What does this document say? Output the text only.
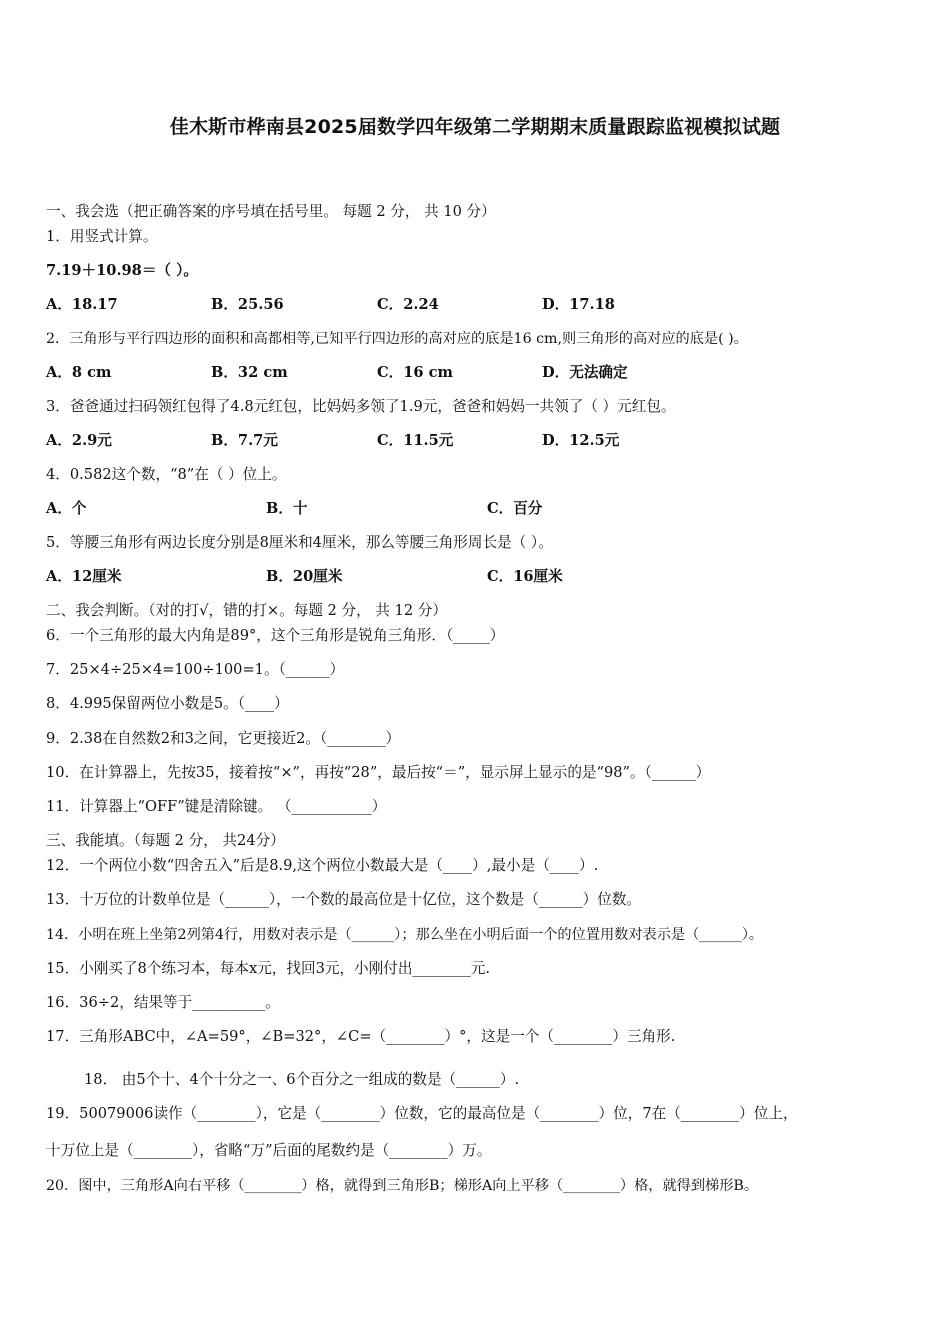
佳木斯市桦南县2025届数学四年级第二学期期末质量跟踪监视模拟试题
一、我会选（把正确答案的序号填在括号里。 每题 2 分， 共 10 分）
1．用竖式计算。
7.19＋10.98＝（ ）。
A．18.17	B．25.56	C．2.24	D．17.18
2．三角形与平行四边形的面积和高都相等,已知平行四边形的高对应的底是16 cm,则三角形的高对应的底是( )。
A．8 cm	B．32 cm	C．16 cm	D．无法确定
3．爸爸通过扫码领红包得了4.8元红包，比妈妈多领了1.9元，爸爸和妈妈一共领了（ ）元红包。
A．2.9元	B．7.7元	C．11.5元	D．12.5元
4．0.582这个数，“8”在（ ）位上。
A．个	B．十	C．百分
5．等腰三角形有两边长度分别是8厘米和4厘米，那么等腰三角形周长是（ ）。
A．12厘米	B．20厘米	C．16厘米
二、我会判断。（对的打√，错的打×。每题 2 分， 共 12 分）
6．一个三角形的最大内角是89°，这个三角形是锐角三角形．（_____）
7．25×4÷25×4=100÷100=1。（______）
8．4.995保留两位小数是5。（____）
9．2.38在自然数2和3之间，它更接近2。（________）
10．在计算器上，先按35，接着按“×”，再按“28”，最后按“＝”，显示屏上显示的是“98”。（______）
11．计算器上“OFF”键是清除键。 （___________）
三、我能填。（每题 2 分， 共24分）
12．一个两位小数“四舍五入”后是8.9,这个两位小数最大是（____）,最小是（____）.
13．十万位的计数单位是（______），一个数的最高位是十亿位，这个数是（______）位数。
14．小明在班上坐第2列第4行，用数对表示是（______）；那么坐在小明后面一个的位置用数对表示是（______）。
15．小刚买了8个练习本，每本x元，找回3元，小刚付出________元.
16．36÷2，结果等于__________。
17．三角形ABC中，∠A=59°，∠B=32°，∠C=（________）°，这是一个（________）三角形.
18． 由5个十、4个十分之一、6个百分之一组成的数是（______）.
19．50079006读作（________），它是（________）位数，它的最高位是（________）位，7在（________）位上，
十万位上是（________），省略“万”后面的尾数约是（________）万。
20．图中，三角形A向右平移（________）格，就得到三角形B；梯形A向上平移（________）格，就得到梯形B。
